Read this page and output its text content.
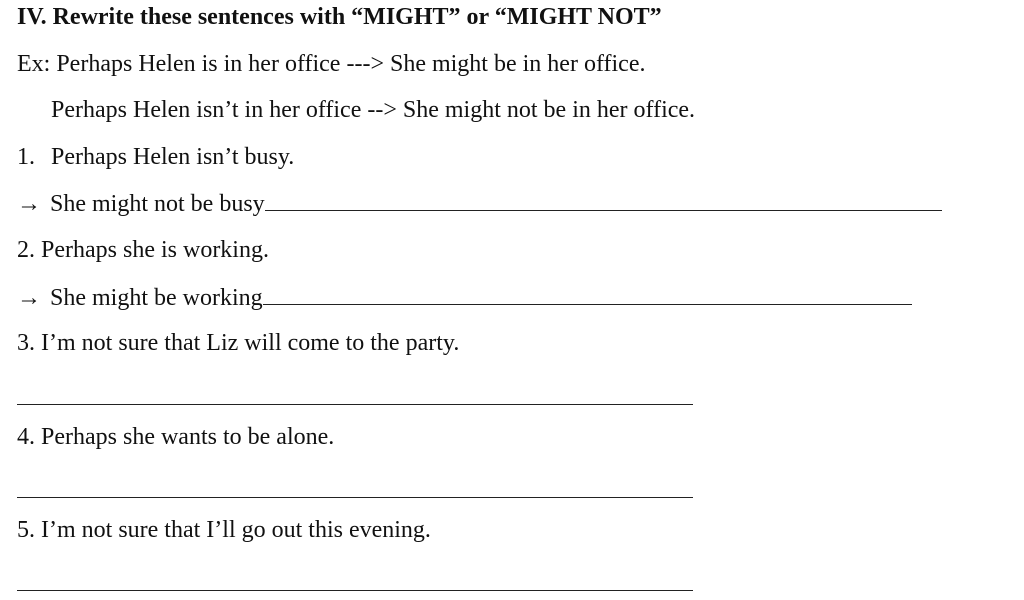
IV. Rewrite these sentences with “MIGHT” or “MIGHT NOT”
Ex: Perhaps Helen is in her office ---> She might be in her office.
Perhaps Helen isn’t in her office --> She might not be in her office.
1. Perhaps Helen isn’t busy.
→ She might not be busy
2. Perhaps she is working.
→ She might be working
3. I’m not sure that Liz will come to the party.
4. Perhaps she wants to be alone.
5. I’m not sure that I’ll go out this evening.
